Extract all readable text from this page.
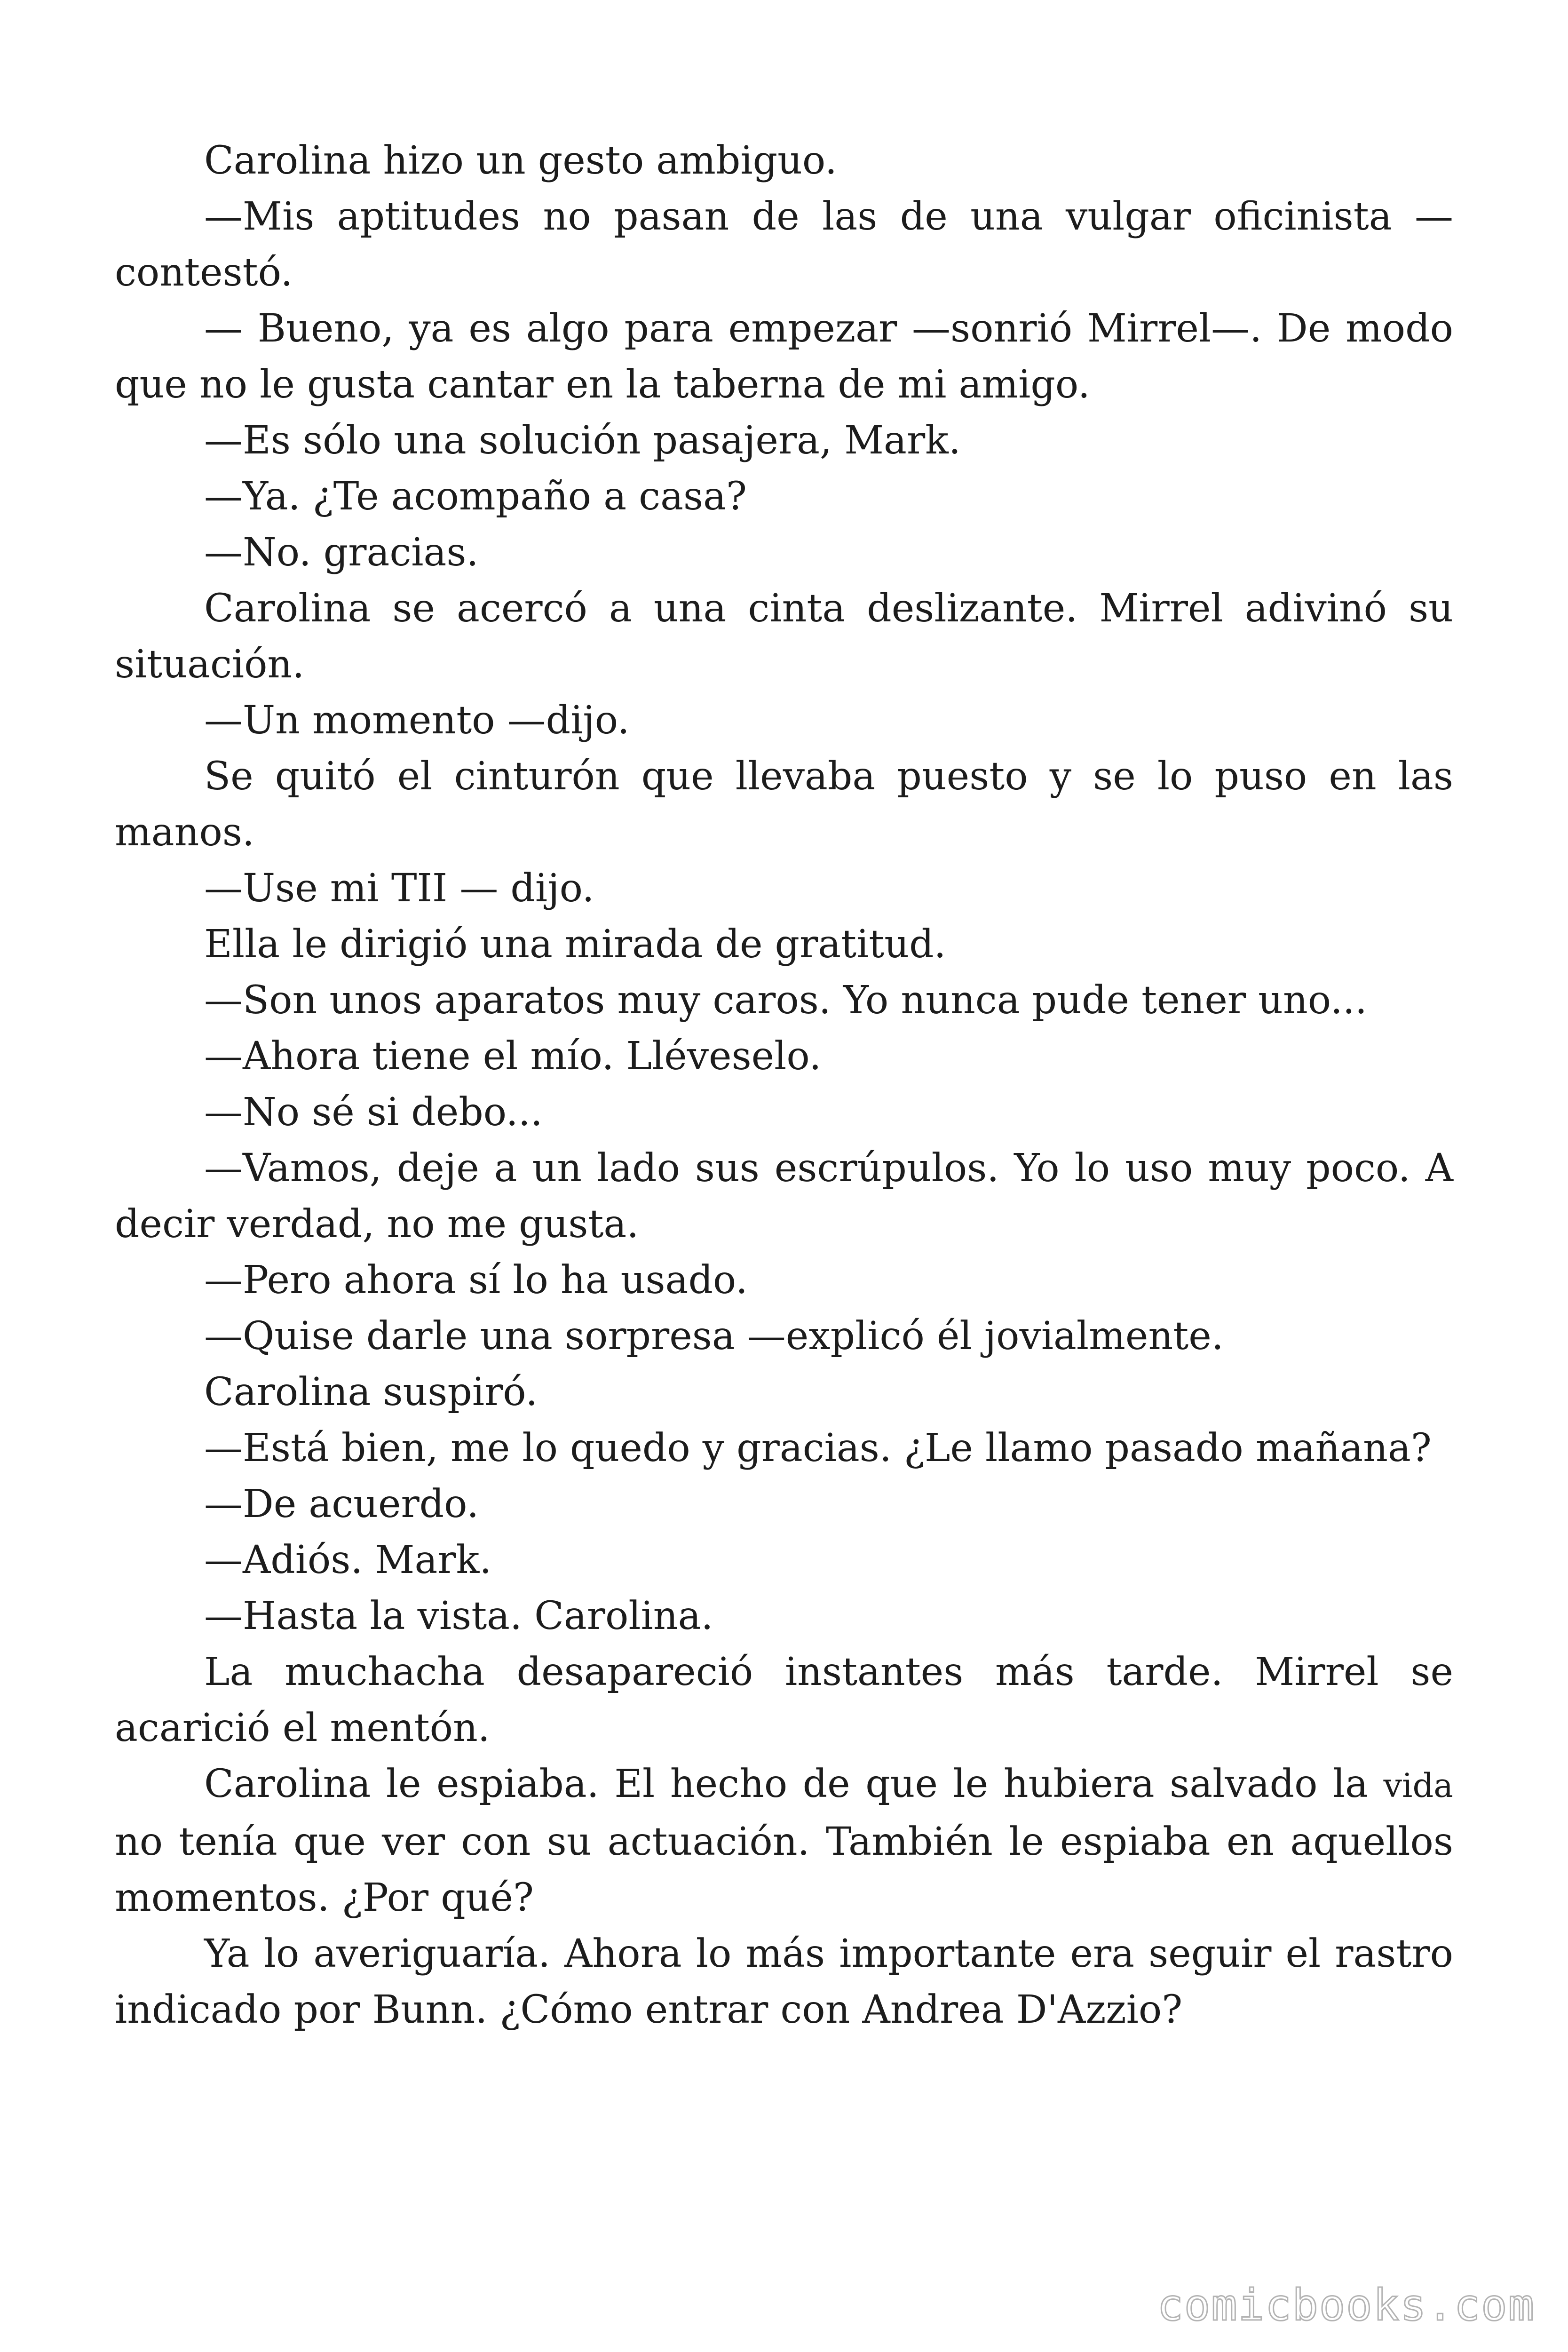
Carolina hizo un gesto ambiguo.

—Mis aptitudes no pasan de las de una vulgar oficinista — contestó.

— Bueno, ya es algo para empezar —sonrió Mirrel—. De modo que no le gusta cantar en la taberna de mi amigo.

—Es sólo una solución pasajera, Mark.

—Ya. ¿Te acompaño a casa?

—No. gracias.

Carolina se acercó a una cinta deslizante. Mirrel adivinó su situación.

—Un momento —dijo.

Se quitó el cinturón que llevaba puesto y se lo puso en las manos.

—Use mi TII — dijo.

Ella le dirigió una mirada de gratitud.

—Son unos aparatos muy caros. Yo nunca pude tener uno...

—Ahora tiene el mío. Lléveselo.

—No sé si debo...

—Vamos, deje a un lado sus escrúpulos. Yo lo uso muy poco. A decir verdad, no me gusta.

—Pero ahora sí lo ha usado.

—Quise darle una sorpresa —explicó él jovialmente.

Carolina suspiró.

—Está bien, me lo quedo y gracias. ¿Le llamo pasado mañana?

—De acuerdo.

—Adiós. Mark.

—Hasta la vista. Carolina.

La muchacha desapareció instantes más tarde. Mirrel se acarició el mentón.

Carolina le espiaba. El hecho de que le hubiera salvado la vida no tenía que ver con su actuación. También le espiaba en aquellos momentos. ¿Por qué?

Ya lo averiguaría. Ahora lo más importante era seguir el rastro indicado por Bunn. ¿Cómo entrar con Andrea D'Azzio?

comicbooks.com
